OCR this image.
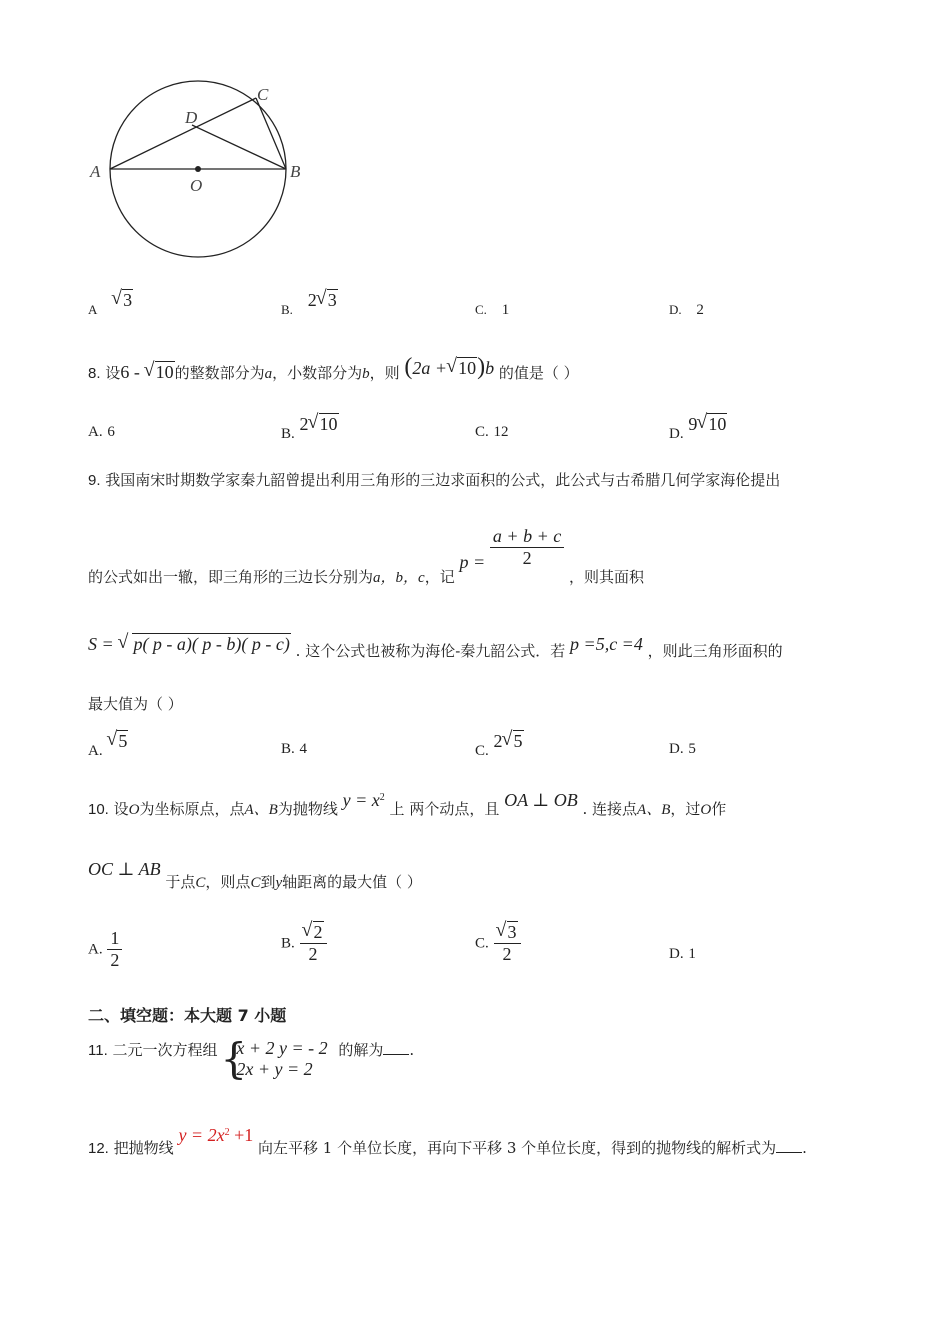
A	B
C
D
O
A √ 3	B. 2 √ 3	C. 1	D. 2
8. 设6 - √ 10的整数部分为a，小数部分为b，则 (2a + √ 10)b 的值是（ ）
A. 6	B. 2 √ 10	C. 12	D. 9 √ 10
9. 我国南宋时期数学家秦九韶曾提出利用三角形的三边求面积的公式，此公式与古希腊几何学家海伦提出
的公式如出一辙，即三角形的三边长分别为a，b，c，记 $p = \frac{a + b + c}{2}$
，则其面积
S = √ p( p - a)( p - b)( p - c) . 这个公式也被称为海伦-秦九韶公式．若 p =5,c =4 ，则此三角形面积的
最大值为（ ）
A. √ 5	B. 4	C. 2 √ 5	D. 5
10. 设O为坐标原点，点A、B为抛物线 $y = x^2$ 上 两个动点，且 OA ⊥ OB . 连接点A、B，过O作
OC ⊥ AB 于点C，则点C到y轴距离的最大值（ ）
A. $\frac{1}{2}$	B. √ $\frac{2}{2}$	C. √ $\frac{3}{2}$	D. 1
二、填空题：本大题 7 小题
11. 二元一次方程组 {
x + 2 y = - 2
2x + y = 2
的解为 .
12. 把抛物线 $y = 2x^2 +1$ 向左平移 1 个单位长度，再向下平移 3 个单位长度，得到的抛物线的解析式为 .
